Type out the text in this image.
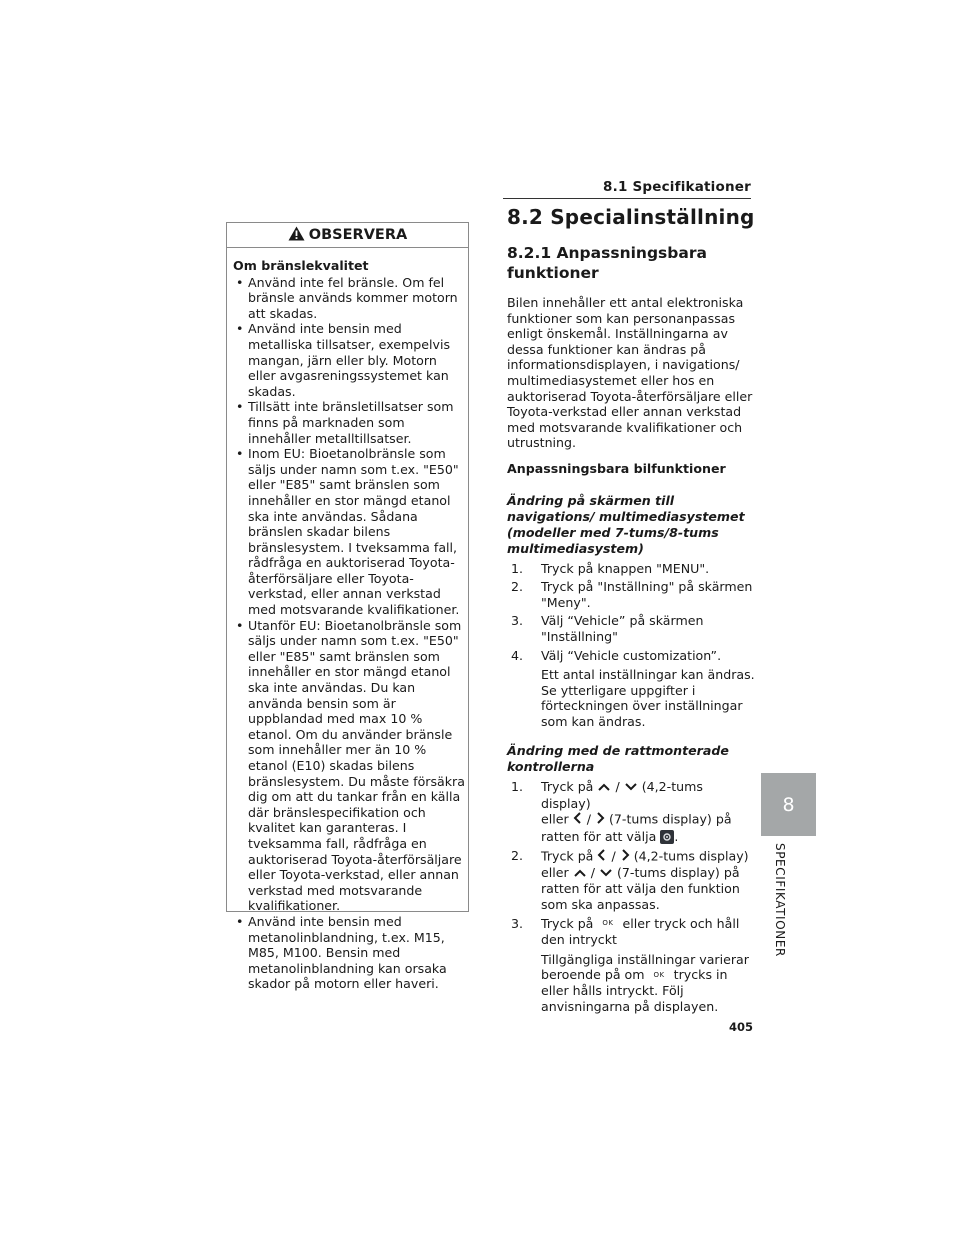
8.1 Specifikationer
OBSERVERA
Om bränslekvalitet
• Använd inte fel bränsle. Om fel bränsle används kommer motorn att skadas.
• Använd inte bensin med metalliska tillsatser, exempelvis mangan, järn eller bly. Motorn eller avgasreningssystemet kan skadas.
• Tillsätt inte bränsletillsatser som finns på marknaden som innehåller metalltillsatser.
• Inom EU: Bioetanolbränsle som säljs under namn som t.ex. "E50" eller "E85" samt bränslen som innehåller en stor mängd etanol ska inte användas. Sådana bränslen skadar bilens bränslesystem. I tveksamma fall, rådfråga en auktoriserad Toyota-återförsäljare eller Toyota-verkstad, eller annan verkstad med motsvarande kvalifikationer.
• Utanför EU: Bioetanolbränsle som säljs under namn som t.ex. "E50" eller "E85" samt bränslen som innehåller en stor mängd etanol ska inte användas. Du kan använda bensin som är uppblandad med max 10 % etanol. Om du använder bränsle som innehåller mer än 10 % etanol (E10) skadas bilens bränslesystem. Du måste försäkra dig om att du tankar från en källa där bränslespecifikation och kvalitet kan garanteras. I tveksamma fall, rådfråga en auktoriserad Toyota-återförsäljare eller Toyota-verkstad, eller annan verkstad med motsvarande kvalifikationer.
• Använd inte bensin med metanolinblandning, t.ex. M15, M85, M100. Bensin med metanolinblandning kan orsaka skador på motorn eller haveri.
8.2 Specialinställning
8.2.1 Anpassningsbara funktioner

Bilen innehåller ett antal elektroniska funktioner som kan personanpassas enligt önskemål. Inställningarna av dessa funktioner kan ändras på informationsdisplayen, i navigations/ multimediasystemet eller hos en auktoriserad Toyota-återförsäljare eller Toyota-verkstad eller annan verkstad med motsvarande kvalifikationer och utrustning.

Anpassningsbara bilfunktioner
Ändring på skärmen till navigations/ multimediasystemet (modeller med 7-tums/8-tums multimediasystem)
1.	Tryck på knappen "MENU".
2.	Tryck på "Inställning" på skärmen "Meny".
3.	Välj “Vehicle” på skärmen "Inställning"
4.	Välj “Vehicle customization”.
Ett antal inställningar kan ändras. Se ytterligare uppgifter i förteckningen över inställningar som kan ändras.
Ändring med de rattmonterade kontrollerna
1.	Tryck på / (4,2-tums display)
eller / (7-tums display) på
ratten för att välja .
2.	Tryck på / (4,2-tums display)
eller / (7-tums display) på ratten för att välja den funktion som ska anpassas.
3.	Tryck på OK eller tryck och håll den intryckt
Tillgängliga inställningar varierar beroende på om OK trycks in eller hålls intryckt. Följ anvisningarna på displayen.
8
SPECIFIKATIONER
405
